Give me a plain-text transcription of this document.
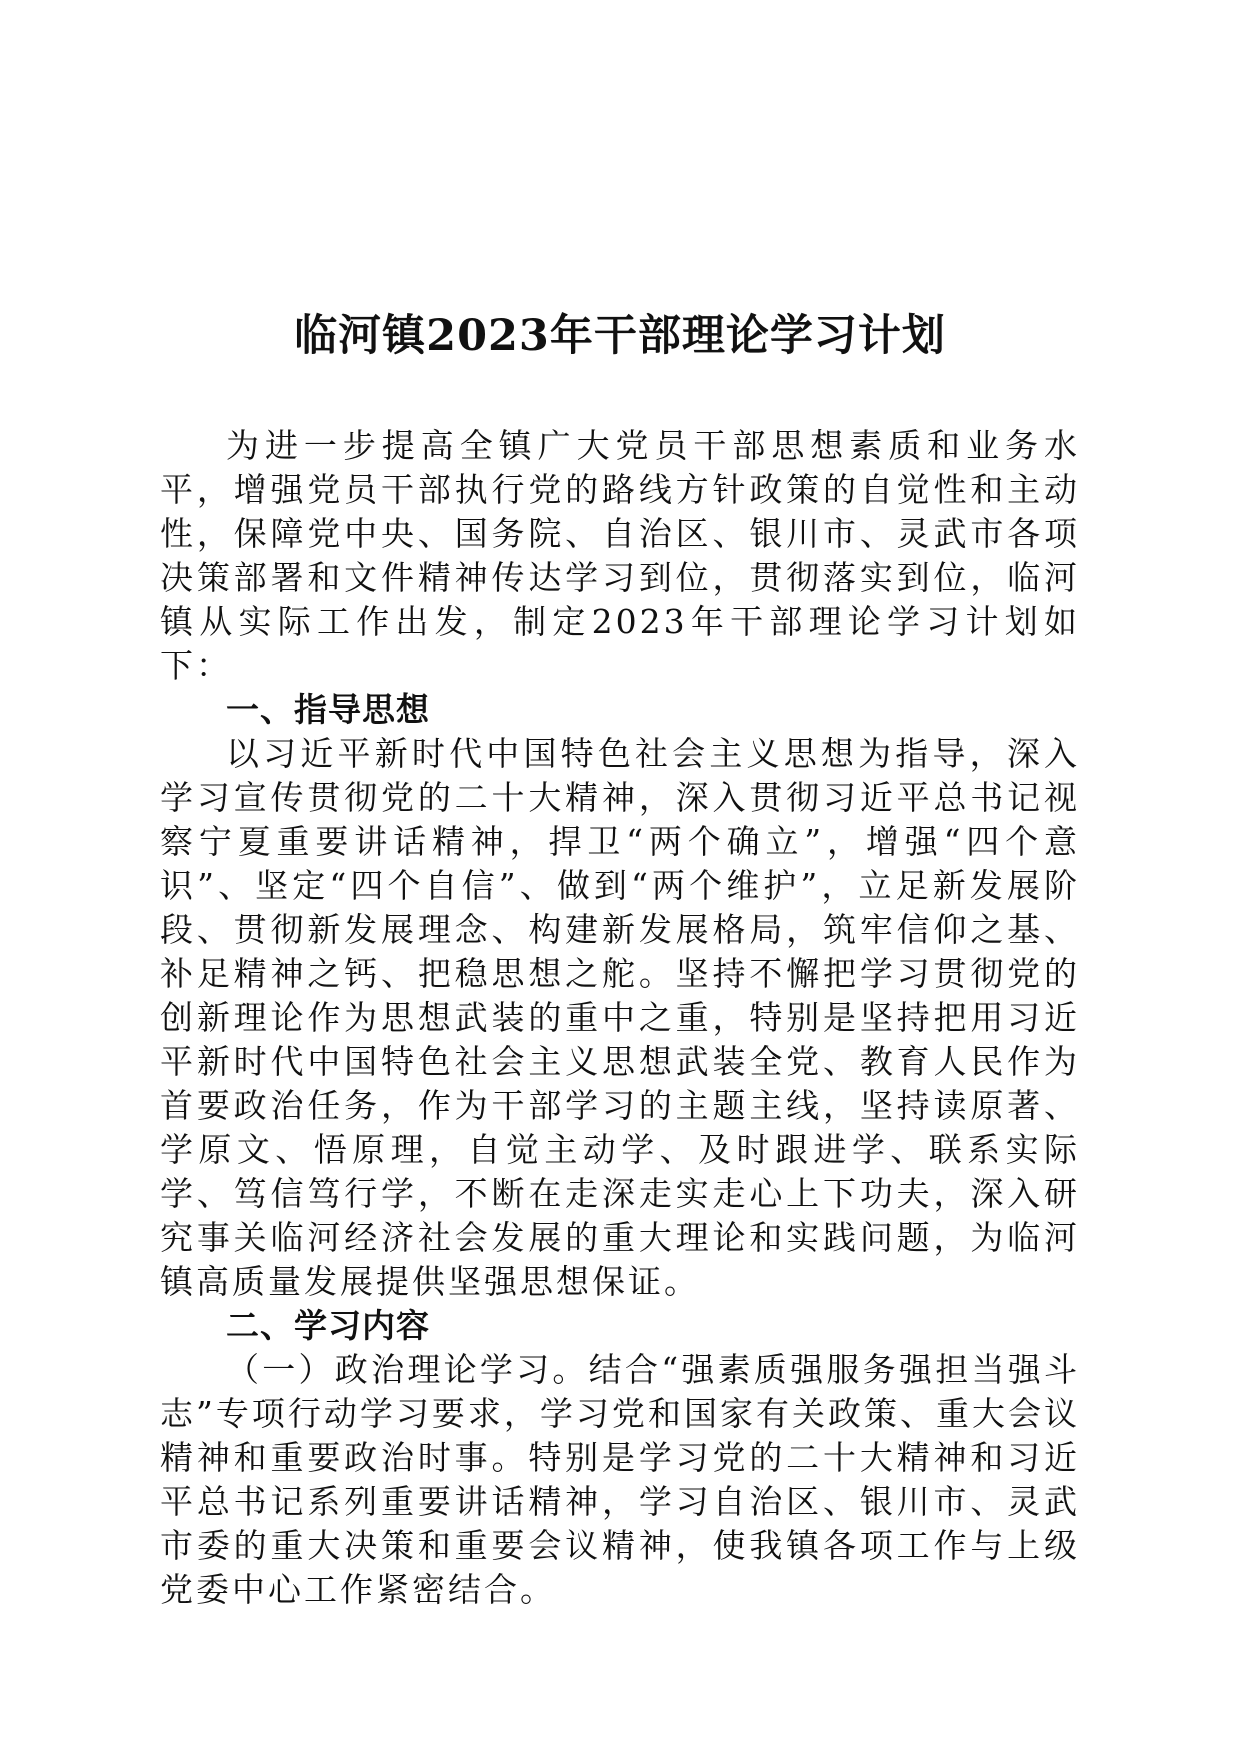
临河镇2023年干部理论学习计划

为进一步提高全镇广大党员干部思想素质和业务水平，增强党员干部执行党的路线方针政策的自觉性和主动性，保障党中央、国务院、自治区、银川市、灵武市各项决策部署和文件精神传达学习到位，贯彻落实到位，临河镇从实际工作出发，制定2023年干部理论学习计划如下：

一、指导思想

以习近平新时代中国特色社会主义思想为指导，深入学习宣传贯彻党的二十大精神，深入贯彻习近平总书记视察宁夏重要讲话精神，捍卫“两个确立”，增强“四个意识”、坚定“四个自信”、做到“两个维护”，立足新发展阶段、贯彻新发展理念、构建新发展格局，筑牢信仰之基、补足精神之钙、把稳思想之舵。坚持不懈把学习贯彻党的创新理论作为思想武装的重中之重，特别是坚持把用习近平新时代中国特色社会主义思想武装全党、教育人民作为首要政治任务，作为干部学习的主题主线，坚持读原著、学原文、悟原理，自觉主动学、及时跟进学、联系实际学、笃信笃行学，不断在走深走实走心上下功夫，深入研究事关临河经济社会发展的重大理论和实践问题，为临河镇高质量发展提供坚强思想保证。

二、学习内容

（一）政治理论学习。结合“强素质强服务强担当强斗志”专项行动学习要求，学习党和国家有关政策、重大会议精神和重要政治时事。特别是学习党的二十大精神和习近平总书记系列重要讲话精神，学习自治区、银川市、灵武市委的重大决策和重要会议精神，使我镇各项工作与上级党委中心工作紧密结合。
